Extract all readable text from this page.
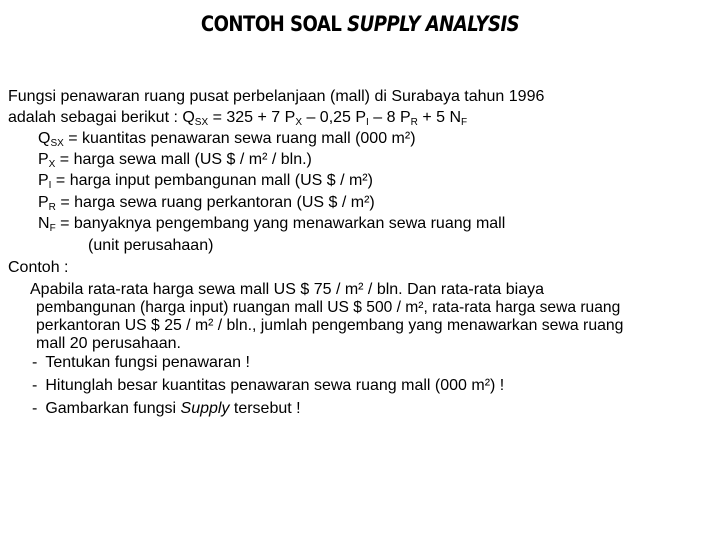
CONTOH SOAL SUPPLY ANALYSIS
Fungsi penawaran ruang pusat perbelanjaan (mall) di Surabaya tahun 1996
adalah sebagai berikut : $Q_{SX} = 325 + 7$ $P_X - 0,25$ $P_I - 8$ $P_R + 5$ $N_F$
$Q_{SX}$ = kuantitas penawaran sewa ruang mall (000 m²)
$P_X$ = harga sewa mall (US $ / m² / bln.)
$P_I$ = harga input pembangunan mall (US $ / m²)
$P_R$ = harga sewa ruang perkantoran (US $ / m²)
$N_F$ = banyaknya pengembang yang menawarkan sewa ruang mall
(unit perusahaan)
Contoh :
Apabila rata-rata harga sewa mall US $ 75 / m² / bln. Dan rata-rata biaya
pembangunan (harga input) ruangan mall US $ 500 / m², rata-rata harga sewa ruang
perkantoran US $ 25 / m² / bln., jumlah pengembang yang menawarkan sewa ruang
mall 20 perusahaan.
- Tentukan fungsi penawaran !
- Hitunglah besar kuantitas penawaran sewa ruang mall (000 m²) !
- Gambarkan fungsi Supply tersebut !
